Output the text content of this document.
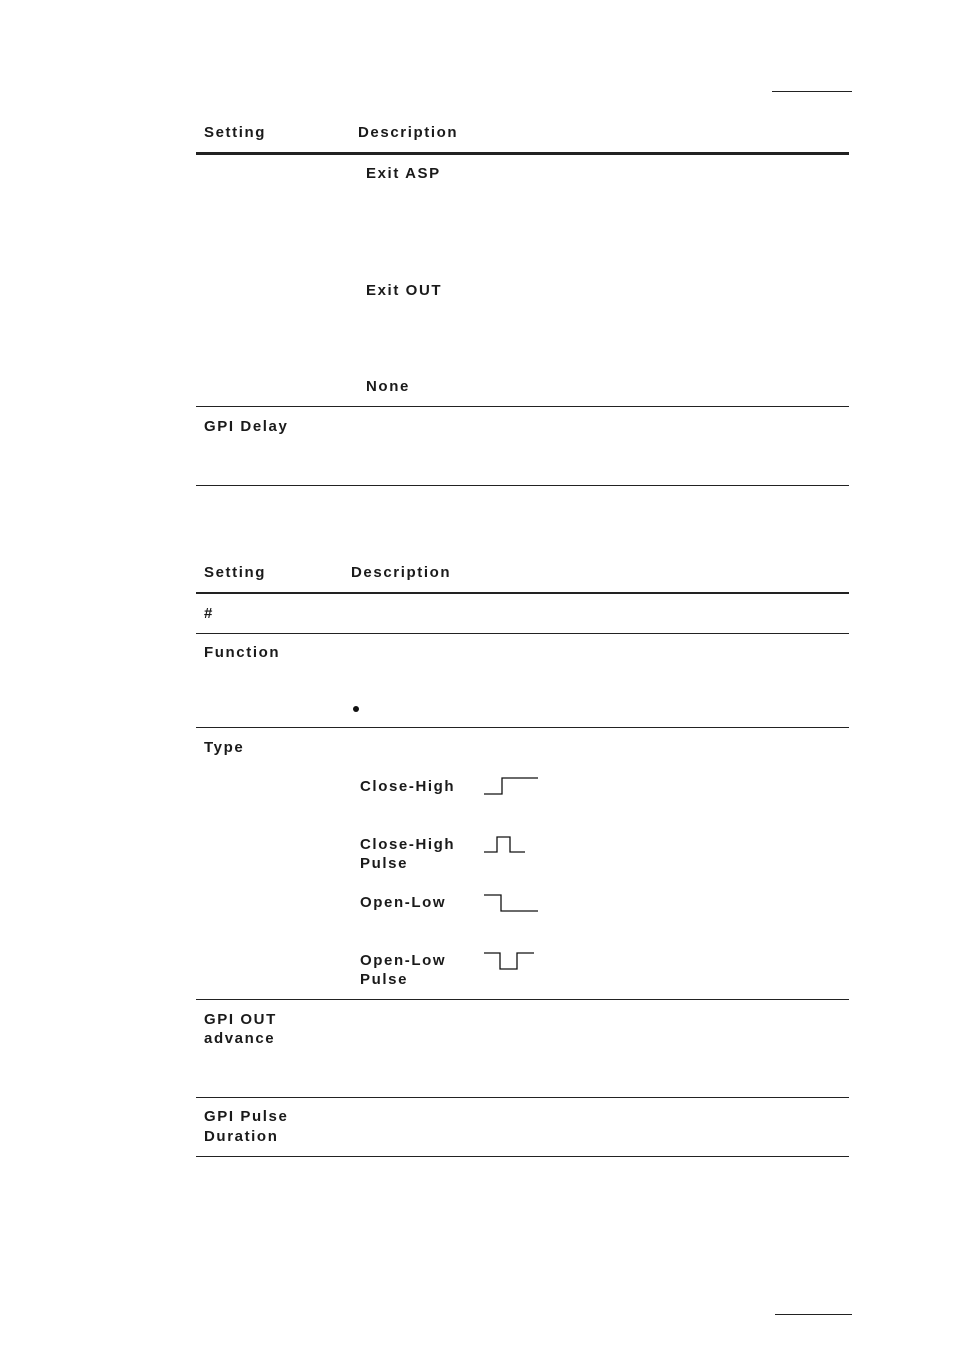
Setting	Description
Exit ASP
Exit OUT
None
GPI Delay
Setting	Description
#
Function
Type
Close-High
Close-High
Pulse
Open-Low
Open-Low
Pulse
GPI OUT
advance
GPI Pulse
Duration
